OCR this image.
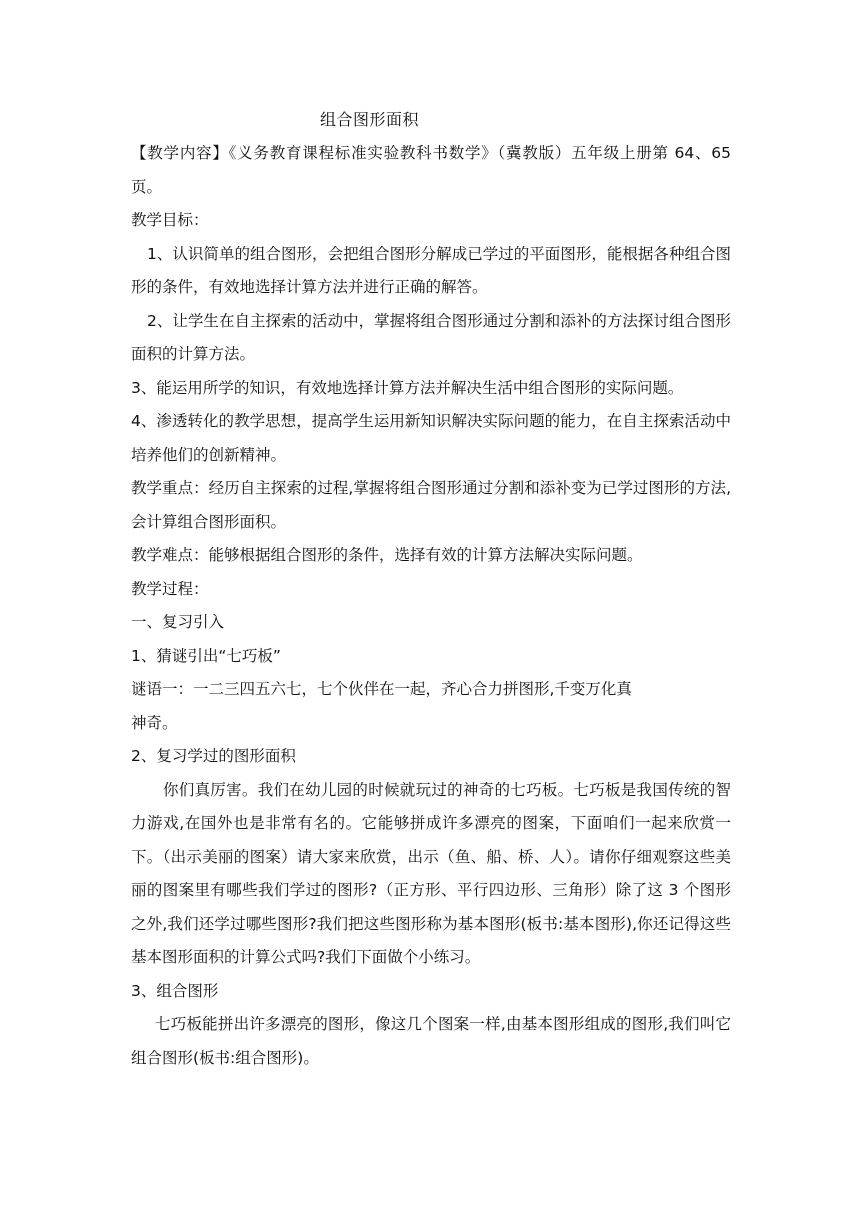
组合图形面积

【教学内容】《义务教育课程标准实验教科书数学》（冀教版）五年级上册第 64、65 页。

教学目标：

1、认识简单的组合图形，会把组合图形分解成已学过的平面图形，能根据各种组合图形的条件，有效地选择计算方法并进行正确的解答。

2、让学生在自主探索的活动中，掌握将组合图形通过分割和添补的方法探讨组合图形面积的计算方法。

3、能运用所学的知识，有效地选择计算方法并解决生活中组合图形的实际问题。

4、渗透转化的教学思想，提高学生运用新知识解决实际问题的能力，在自主探索活动中培养他们的创新精神。

教学重点：经历自主探索的过程,掌握将组合图形通过分割和添补变为已学过图形的方法,会计算组合图形面积。

教学难点：能够根据组合图形的条件，选择有效的计算方法解决实际问题。

教学过程：

一、复习引入

1、猜谜引出“七巧板”

谜语一：一二三四五六七，七个伙伴在一起，齐心合力拼图形,千变万化真

神奇。

2、复习学过的图形面积

你们真厉害。我们在幼儿园的时候就玩过的神奇的七巧板。七巧板是我国传统的智力游戏,在国外也是非常有名的。它能够拼成许多漂亮的图案，下面咱们一起来欣赏一下。（出示美丽的图案）请大家来欣赏，出示（鱼、船、桥、人）。请你仔细观察这些美丽的图案里有哪些我们学过的图形?（正方形、平行四边形、三角形）除了这 3 个图形之外,我们还学过哪些图形?我们把这些图形称为基本图形(板书:基本图形),你还记得这些基本图形面积的计算公式吗?我们下面做个小练习。

3、组合图形

七巧板能拼出许多漂亮的图形，像这几个图案一样,由基本图形组成的图形,我们叫它组合图形(板书:组合图形)。
